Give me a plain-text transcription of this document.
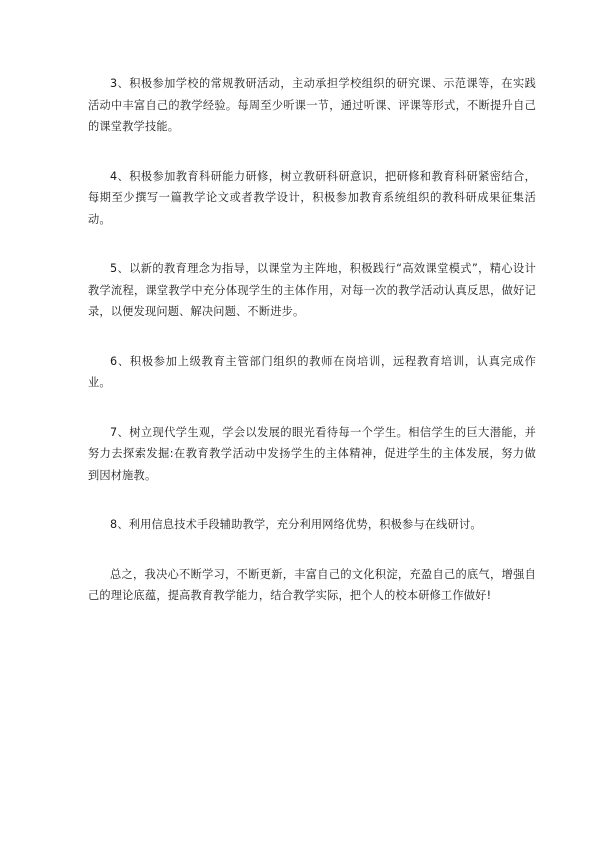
3、积极参加学校的常规教研活动，主动承担学校组织的研究课、示范课等，在实践活动中丰富自己的教学经验。每周至少听课一节，通过听课、评课等形式，不断提升自己的课堂教学技能。

4、积极参加教育科研能力研修，树立教研科研意识，把研修和教育科研紧密结合，每期至少撰写一篇教学论文或者教学设计，积极参加教育系统组织的教科研成果征集活动。

5、以新的教育理念为指导，以课堂为主阵地，积极践行“高效课堂模式”，精心设计教学流程，课堂教学中充分体现学生的主体作用，对每一次的教学活动认真反思，做好记录，以便发现问题、解决问题、不断进步。

6、积极参加上级教育主管部门组织的教师在岗培训，远程教育培训，认真完成作业。

7、树立现代学生观，学会以发展的眼光看待每一个学生。相信学生的巨大潜能，并努力去探索发掘:在教育教学活动中发扬学生的主体精神，促进学生的主体发展，努力做到因材施教。

8、利用信息技术手段辅助教学，充分利用网络优势，积极参与在线研讨。

总之，我决心不断学习，不断更新，丰富自己的文化积淀，充盈自己的底气，增强自己的理论底蕴，提高教育教学能力，结合教学实际，把个人的校本研修工作做好!
